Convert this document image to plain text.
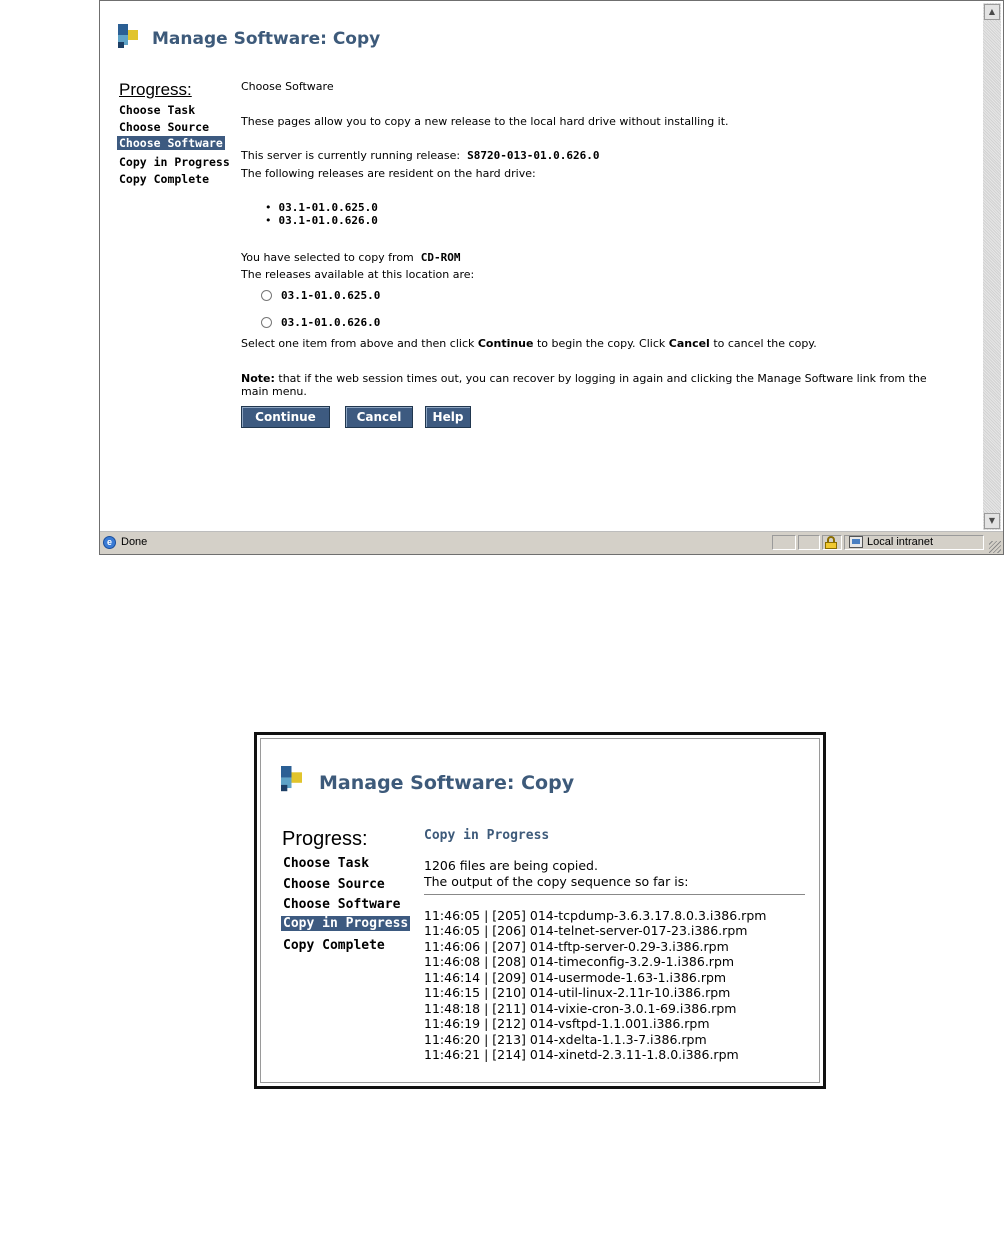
Manage Software: Copy
Progress:
Choose Task
Choose Source
Choose Software
Copy in Progress
Copy Complete
Choose Software
These pages allow you to copy a new release to the local hard drive without installing it.
This server is currently running release: S8720-013-01.0.626.0
The following releases are resident on the hard drive:
•  03.1-01.0.625.0
•  03.1-01.0.626.0
You have selected to copy from CD-ROM
The releases available at this location are:
03.1-01.0.625.0
03.1-01.0.626.0
Select one item from above and then click Continue to begin the copy. Click Cancel to cancel the copy.
Note: that if the web session times out, you can recover by logging in again and clicking the Manage Software link from the
main menu.
Continue	Cancel	Help
▲
▼
e Done	Local intranet
Manage Software: Copy
Progress:
Choose Task
Choose Source
Choose Software
Copy in Progress
Copy Complete
Copy in Progress
1206 files are being copied.
The output of the copy sequence so far is:
11:46:05 | [205] 014-tcpdump-3.6.3.17.8.0.3.i386.rpm
11:46:05 | [206] 014-telnet-server-017-23.i386.rpm
11:46:06 | [207] 014-tftp-server-0.29-3.i386.rpm
11:46:08 | [208] 014-timeconfig-3.2.9-1.i386.rpm
11:46:14 | [209] 014-usermode-1.63-1.i386.rpm
11:46:15 | [210] 014-util-linux-2.11r-10.i386.rpm
11:48:18 | [211] 014-vixie-cron-3.0.1-69.i386.rpm
11:46:19 | [212] 014-vsftpd-1.1.001.i386.rpm
11:46:20 | [213] 014-xdelta-1.1.3-7.i386.rpm
11:46:21 | [214] 014-xinetd-2.3.11-1.8.0.i386.rpm
